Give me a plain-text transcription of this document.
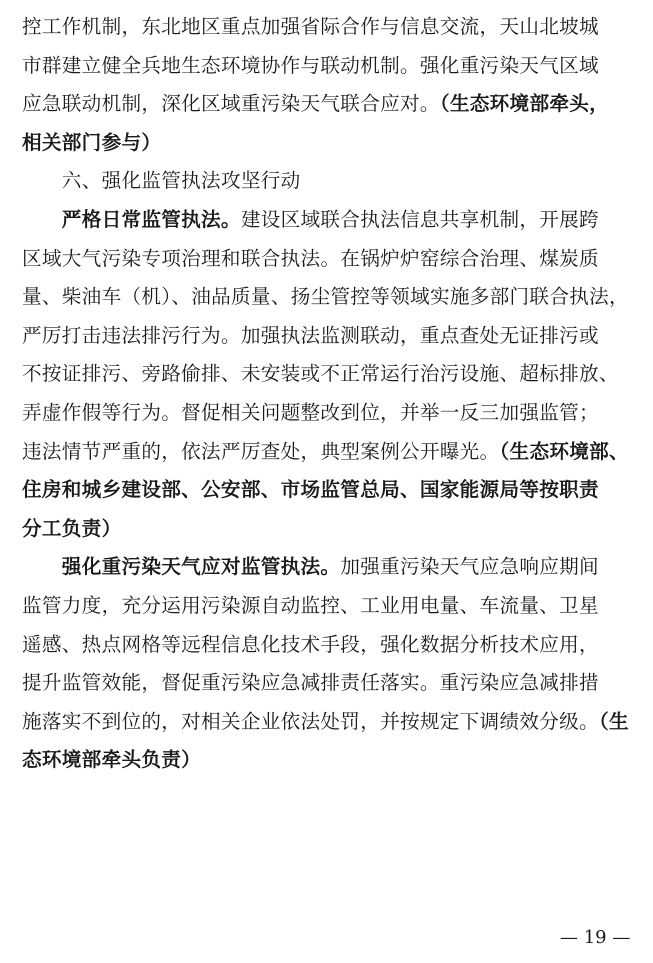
控工作机制，东北地区重点加强省际合作与信息交流，天山北坡城
市群建立健全兵地生态环境协作与联动机制。强化重污染天气区域
应急联动机制，深化区域重污染天气联合应对。（生态环境部牵头，
相关部门参与）
六、强化监管执法攻坚行动
严格日常监管执法。建设区域联合执法信息共享机制，开展跨
区域大气污染专项治理和联合执法。在锅炉炉窑综合治理、煤炭质
量、柴油车（机）、油品质量、扬尘管控等领域实施多部门联合执法，
严厉打击违法排污行为。加强执法监测联动，重点查处无证排污或
不按证排污、旁路偷排、未安装或不正常运行治污设施、超标排放、
弄虚作假等行为。督促相关问题整改到位，并举一反三加强监管；
违法情节严重的，依法严厉查处，典型案例公开曝光。（生态环境部、
住房和城乡建设部、公安部、市场监管总局、国家能源局等按职责
分工负责）
强化重污染天气应对监管执法。加强重污染天气应急响应期间
监管力度，充分运用污染源自动监控、工业用电量、车流量、卫星
遥感、热点网格等远程信息化技术手段，强化数据分析技术应用，
提升监管效能，督促重污染应急减排责任落实。重污染应急减排措
施落实不到位的，对相关企业依法处罚，并按规定下调绩效分级。（生
态环境部牵头负责）
— 19 —
